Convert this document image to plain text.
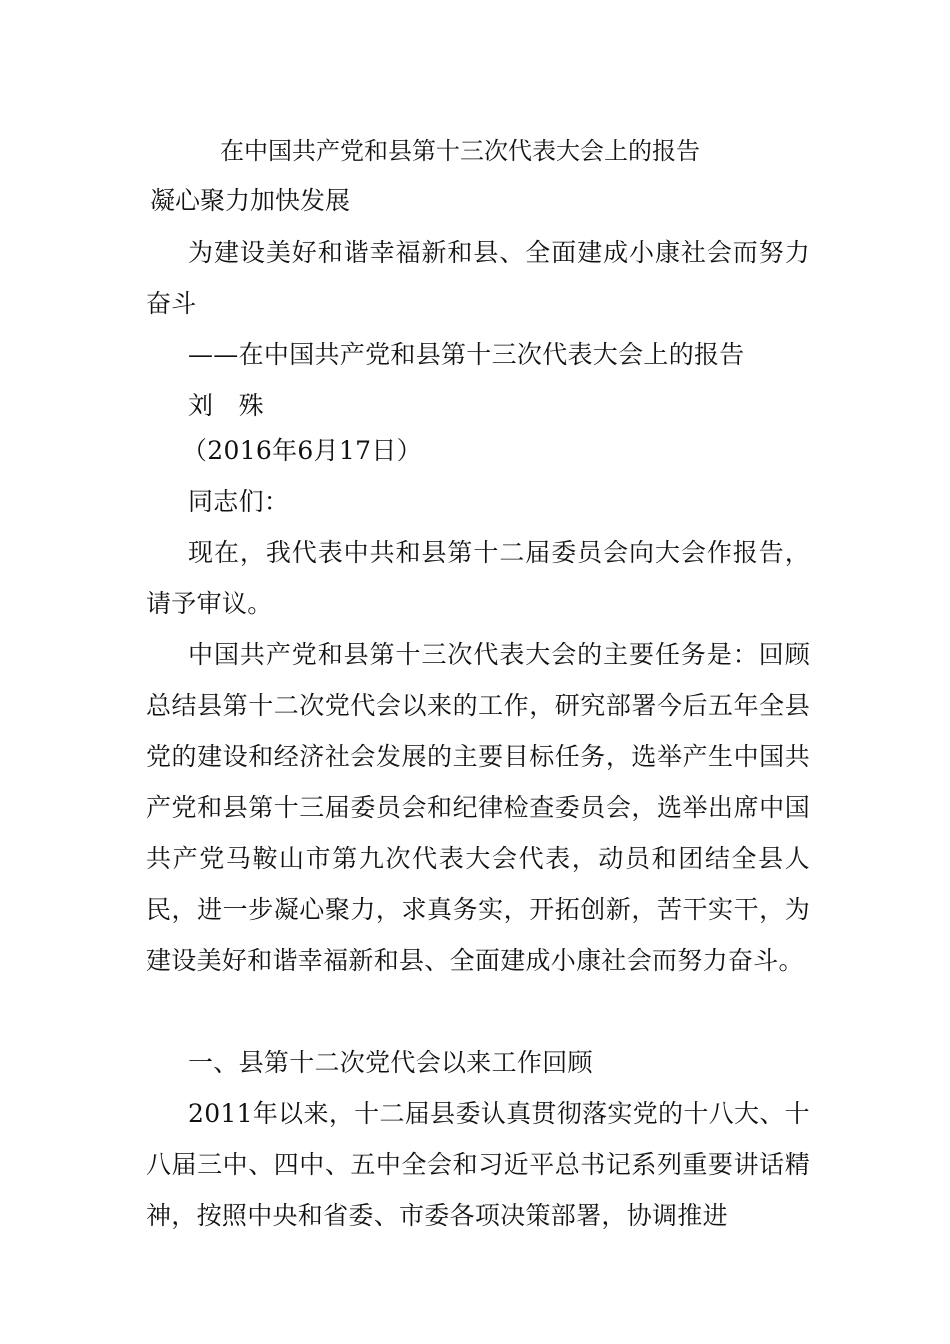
在中国共产党和县第十三次代表大会上的报告

凝心聚力加快发展

为建设美好和谐幸福新和县、全面建成小康社会而努力奋斗

——在中国共产党和县第十三次代表大会上的报告

刘　殊

（2016年6月17日）

同志们：

现在，我代表中共和县第十二届委员会向大会作报告，请予审议。

中国共产党和县第十三次代表大会的主要任务是：回顾总结县第十二次党代会以来的工作，研究部署今后五年全县党的建设和经济社会发展的主要目标任务，选举产生中国共产党和县第十三届委员会和纪律检查委员会，选举出席中国共产党马鞍山市第九次代表大会代表，动员和团结全县人民，进一步凝心聚力，求真务实，开拓创新，苦干实干，为建设美好和谐幸福新和县、全面建成小康社会而努力奋斗。

一、县第十二次党代会以来工作回顾

2011年以来，十二届县委认真贯彻落实党的十八大、十八届三中、四中、五中全会和习近平总书记系列重要讲话精神，按照中央和省委、市委各项决策部署，协调推进
